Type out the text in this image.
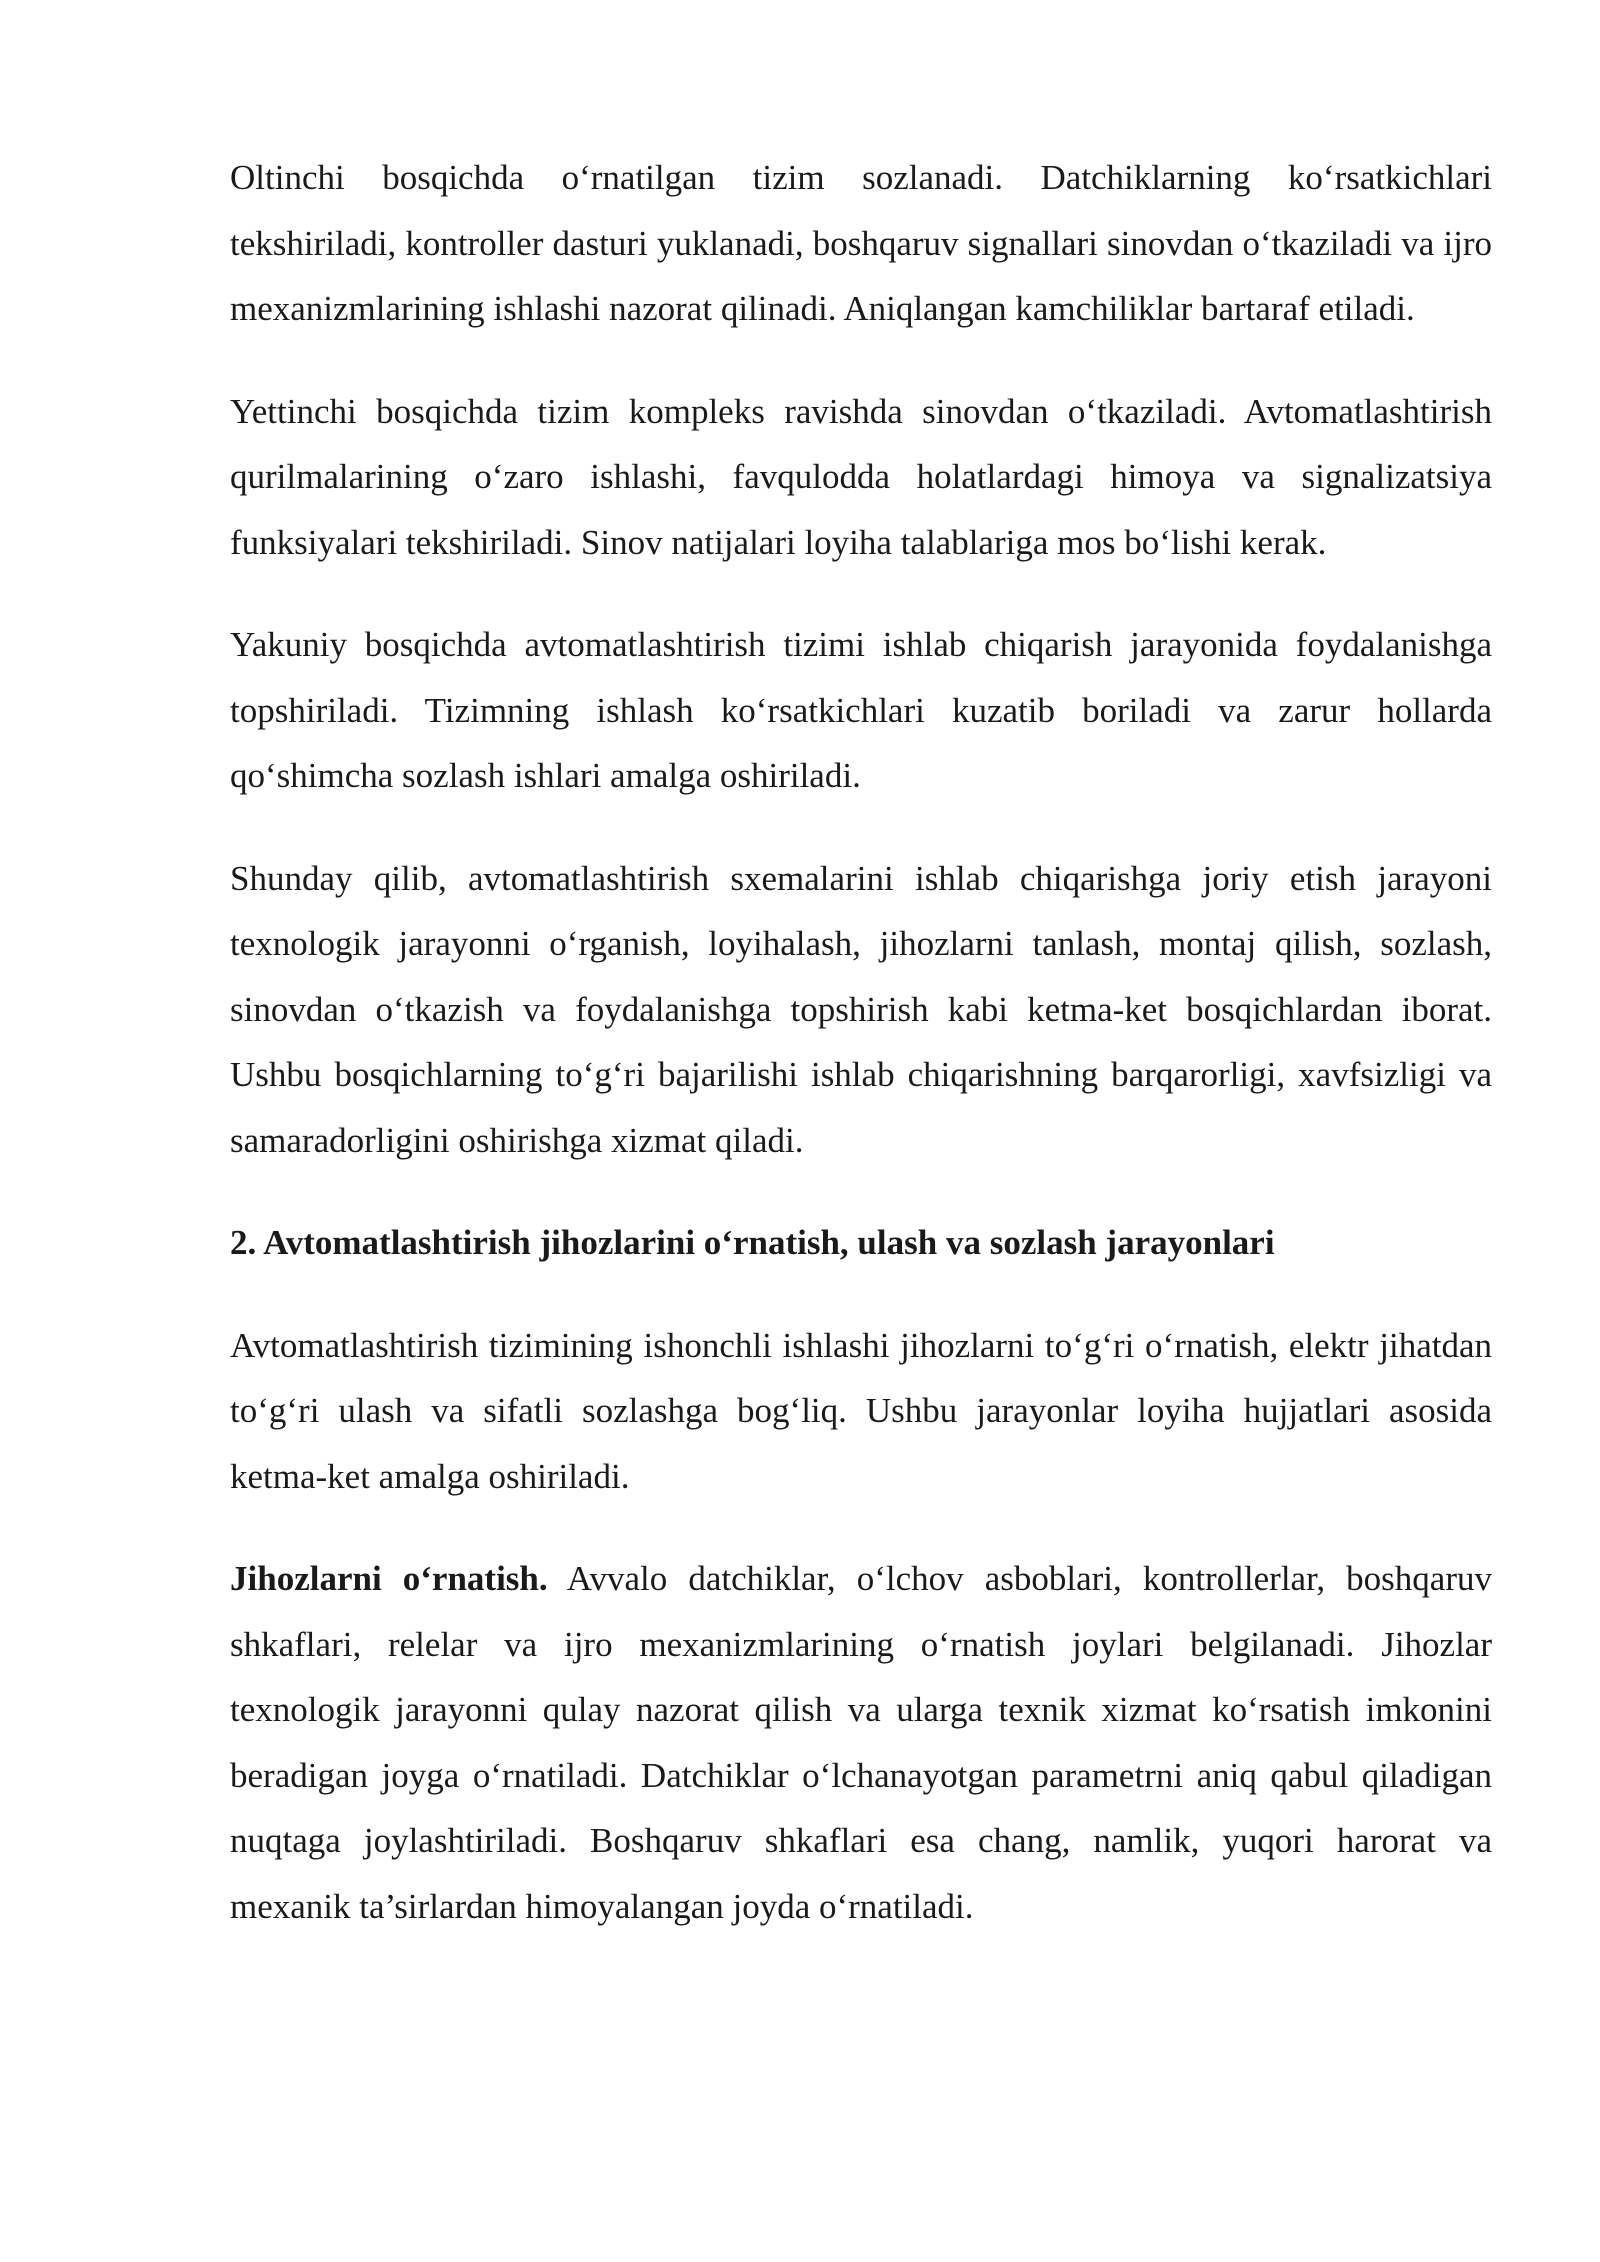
Oltinchi bosqichda o‘rnatilgan tizim sozlanadi. Datchiklarning ko‘rsatkichlari tekshiriladi, kontroller dasturi yuklanadi, boshqaruv signallari sinovdan o‘tkaziladi va ijro mexanizmlarining ishlashi nazorat qilinadi. Aniqlangan kamchiliklar bartaraf etiladi.

Yettinchi bosqichda tizim kompleks ravishda sinovdan o‘tkaziladi. Avtomatlashtirish qurilmalarining o‘zaro ishlashi, favqulodda holatlardagi himoya va signalizatsiya funksiyalari tekshiriladi. Sinov natijalari loyiha talablariga mos bo‘lishi kerak.

Yakuniy bosqichda avtomatlashtirish tizimi ishlab chiqarish jarayonida foydalanishga topshiriladi. Tizimning ishlash ko‘rsatkichlari kuzatib boriladi va zarur hollarda qo‘shimcha sozlash ishlari amalga oshiriladi.

Shunday qilib, avtomatlashtirish sxemalarini ishlab chiqarishga joriy etish jarayoni texnologik jarayonni o‘rganish, loyihalash, jihozlarni tanlash, montaj qilish, sozlash, sinovdan o‘tkazish va foydalanishga topshirish kabi ketma-ket bosqichlardan iborat. Ushbu bosqichlarning to‘g‘ri bajarilishi ishlab chiqarishning barqarorligi, xavfsizligi va samaradorligini oshirishga xizmat qiladi.

2. Avtomatlashtirish jihozlarini o‘rnatish, ulash va sozlash jarayonlari

Avtomatlashtirish tizimining ishonchli ishlashi jihozlarni to‘g‘ri o‘rnatish, elektr jihatdan to‘g‘ri ulash va sifatli sozlashga bog‘liq. Ushbu jarayonlar loyiha hujjatlari asosida ketma-ket amalga oshiriladi.

Jihozlarni o‘rnatish. Avvalo datchiklar, o‘lchov asboblari, kontrollerlar, boshqaruv shkaflari, relelar va ijro mexanizmlarining o‘rnatish joylari belgilanadi. Jihozlar texnologik jarayonni qulay nazorat qilish va ularga texnik xizmat ko‘rsatish imkonini beradigan joyga o‘rnatiladi. Datchiklar o‘lchanayotgan parametrni aniq qabul qiladigan nuqtaga joylashtiriladi. Boshqaruv shkaflari esa chang, namlik, yuqori harorat va mexanik ta’sirlardan himoyalangan joyda o‘rnatiladi.
